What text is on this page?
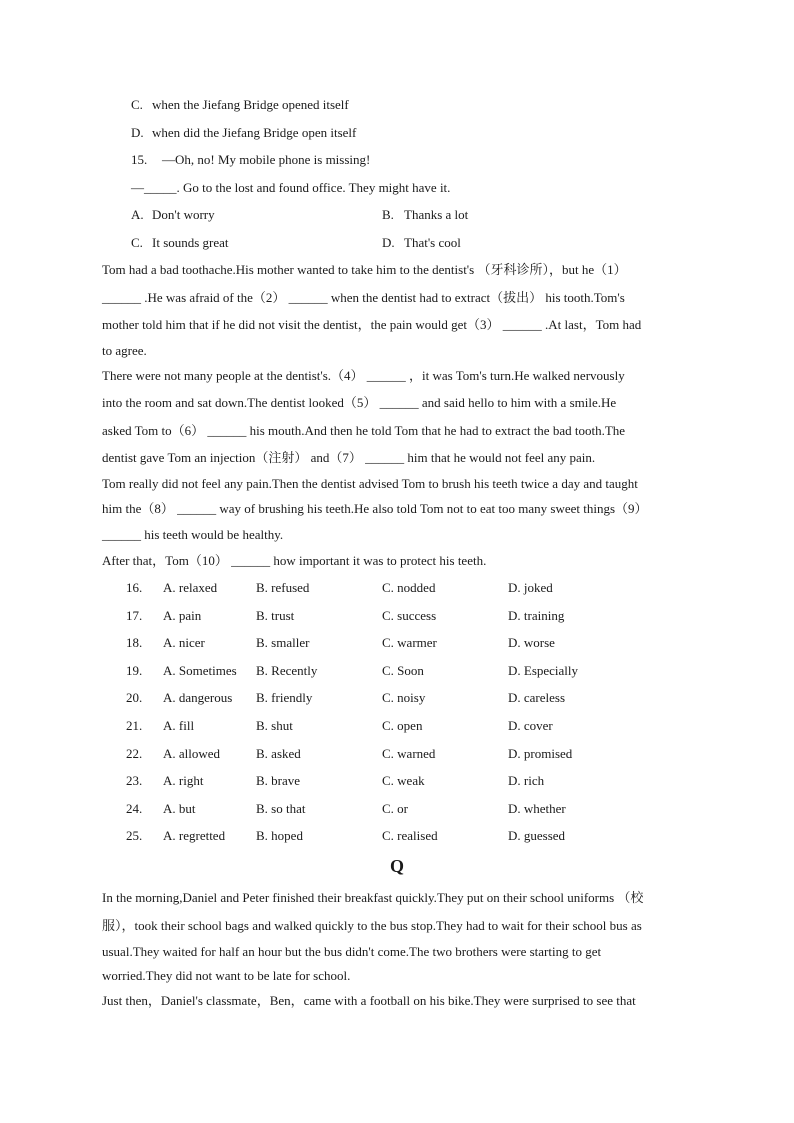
C. when the Jiefang Bridge opened itself
D. when did the Jiefang Bridge open itself
15. —Oh, no! My mobile phone is missing!
—_____. Go to the lost and found office. They might have it.
A. Don't worry	B. Thanks a lot
C. It sounds great	D. That's cool
Tom had a bad toothache.His mother wanted to take him to the dentist's （牙科诊所），but he（1）
______ .He was afraid of the（2） ______ when the dentist had to extract（拔出） his tooth.Tom's
mother told him that if he did not visit the dentist，the pain would get（3） ______ .At last，Tom had
to agree.
There were not many people at the dentist's.（4） ______ ，it was Tom's turn.He walked nervously
into the room and sat down.The dentist looked（5） ______ and said hello to him with a smile.He
asked Tom to（6） ______ his mouth.And then he told Tom that he had to extract the bad tooth.The
dentist gave Tom an injection（注射） and（7） ______ him that he would not feel any pain.
Tom really did not feel any pain.Then the dentist advised Tom to brush his teeth twice a day and taught
him the（8） ______ way of brushing his teeth.He also told Tom not to eat too many sweet things（9）
______ his teeth would be healthy.
After that，Tom（10） ______ how important it was to protect his teeth.
16. A. relaxed	B. refused	C. nodded	D. joked
17. A. pain	B. trust	C. success	D. training
18. A. nicer	B. smaller	C. warmer	D. worse
19. A. Sometimes B. Recently	C. Soon	D. Especially
20. A. dangerous B. friendly	C. noisy	D. careless
21. A. fill	B. shut	C. open	D. cover
22. A. allowed	B. asked	C. warned	D. promised
23. A. right	B. brave	C. weak	D. rich
24. A. but	B. so that	C. or	D. whether
25. A. regretted B. hoped	C. realised	D. guessed
Q
In the morning,Daniel and Peter finished their breakfast quickly.They put on their school uniforms （校
服），took their school bags and walked quickly to the bus stop.They had to wait for their school bus as
usual.They waited for half an hour but the bus didn't come.The two brothers were starting to get
worried.They did not want to be late for school.
Just then，Daniel's classmate，Ben，came with a football on his bike.They were surprised to see that
